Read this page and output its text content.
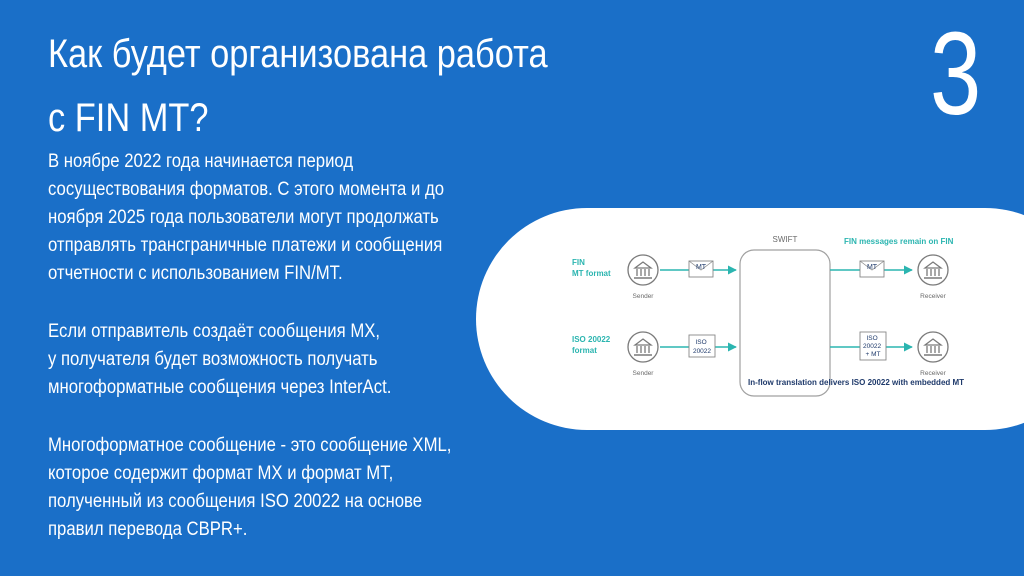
Как будет организована работа
с FIN MT?	3

В ноябре 2022 года начинается период
сосуществования форматов. С этого момента и до
ноября 2025 года пользователи могут продолжать
отправлять трансграничные платежи и сообщения
отчетности с использованием FIN/MT.

Если отправитель создаёт сообщения MX,
у получателя будет возможность получать
многоформатные сообщения через InterAct.

Многоформатное сообщение - это сообщение XML,
которое содержит формат MX и формат MT,
полученный из сообщения ISO 20022 на основе
правил перевода CBPR+.

SWIFT	FIN messages remain on FIN
In-flow translation delivers ISO 20022 with embedded MT
FIN MT format
Sender
MT	MT
Receiver
ISO 20022 format
Sender
ISO 20022
ISO 20022 + MT
Receiver
